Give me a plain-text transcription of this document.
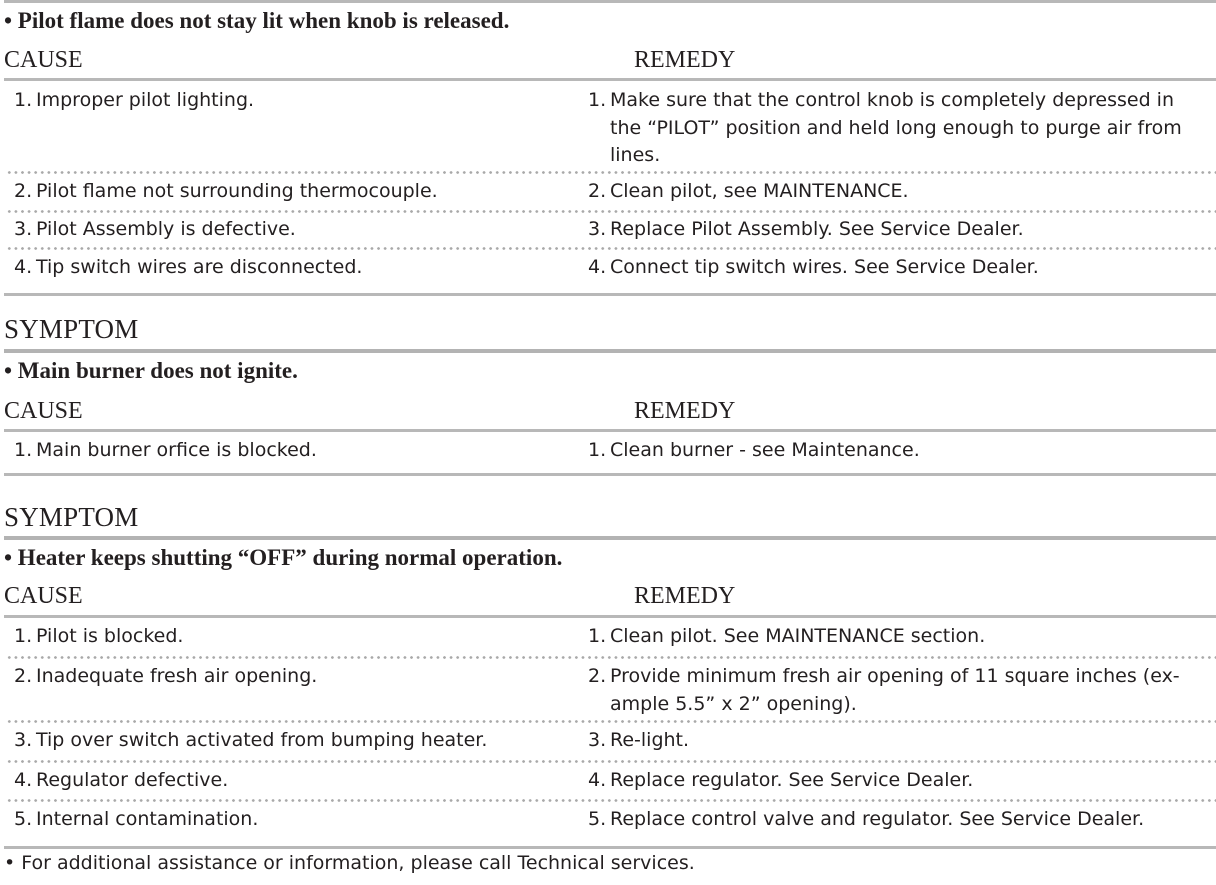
• Pilot flame does not stay lit when knob is released.
CAUSE	REMEDY
1. Improper pilot lighting.	1. Make sure that the control knob is completely depressed in the “PILOT” position and held long enough to purge air from lines.
2. Pilot flame not surrounding thermocouple.	2. Clean pilot, see MAINTENANCE.
3. Pilot Assembly is defective.	3. Replace Pilot Assembly. See Service Dealer.
4. Tip switch wires are disconnected.	4. Connect tip switch wires. See Service Dealer.
SYMPTOM
• Main burner does not ignite.
CAUSE	REMEDY
1. Main burner orfice is blocked.	1. Clean burner - see Maintenance.
SYMPTOM
• Heater keeps shutting “OFF” during normal operation.
CAUSE	REMEDY
1. Pilot is blocked.	1. Clean pilot. See MAINTENANCE section.
2. Inadequate fresh air opening.	2. Provide minimum fresh air opening of 11 square inches (ex-ample 5.5” x 2” opening).
3. Tip over switch activated from bumping heater.	3. Re-light.
4. Regulator defective.	4. Replace regulator. See Service Dealer.
5. Internal contamination.	5. Replace control valve and regulator. See Service Dealer.
• For additional assistance or information, please call Technical services.
